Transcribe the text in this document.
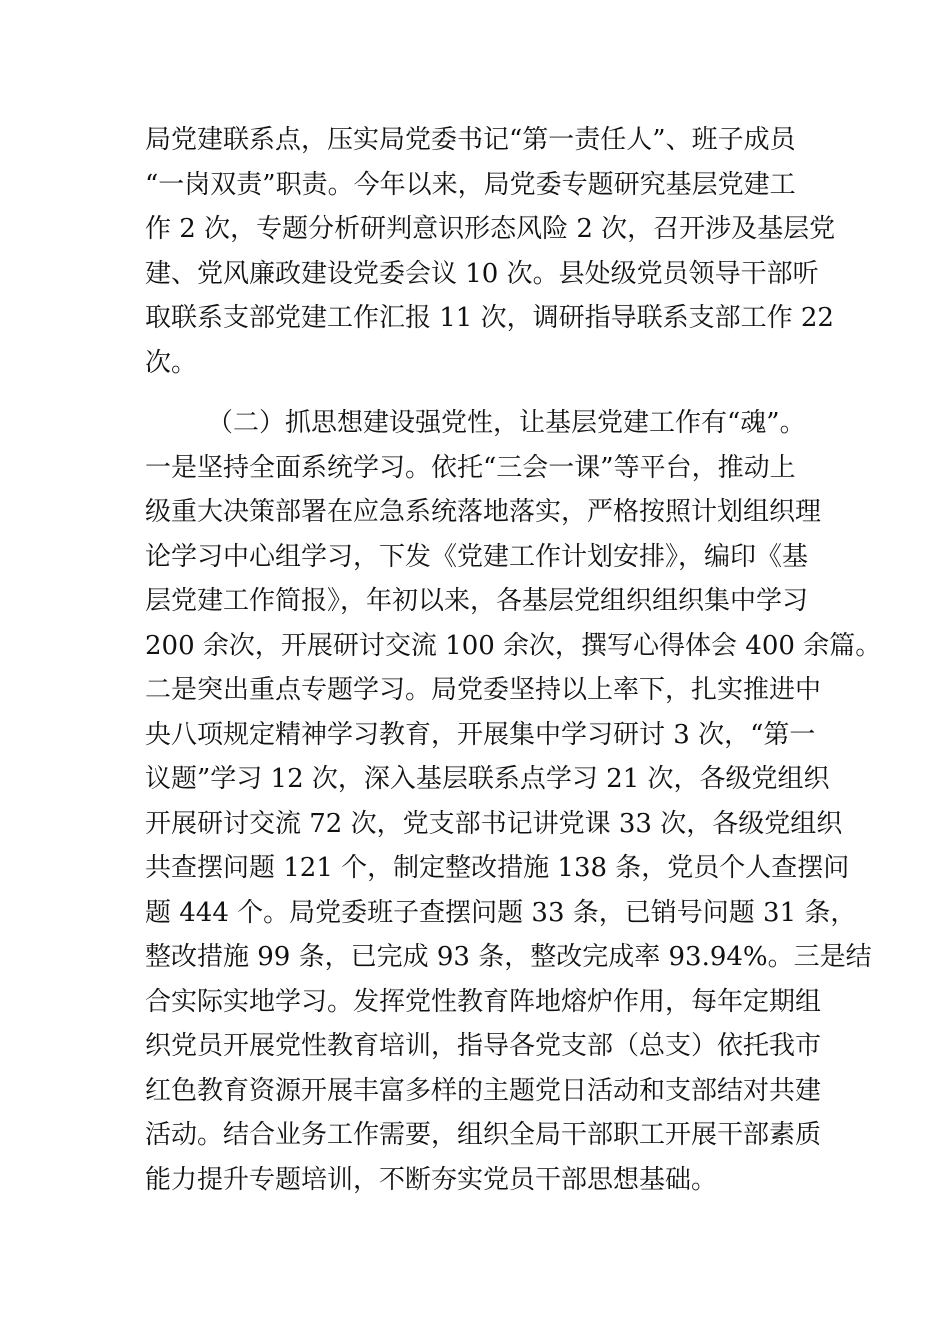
局党建联系点，压实局党委书记“第一责任人”、班子成员
“一岗双责”职责。今年以来，局党委专题研究基层党建工
作 2 次，专题分析研判意识形态风险 2 次，召开涉及基层党
建、党风廉政建设党委会议 10 次。县处级党员领导干部听
取联系支部党建工作汇报 11 次，调研指导联系支部工作 22
次。
（二）抓思想建设强党性，让基层党建工作有“魂”。
一是坚持全面系统学习。依托“三会一课”等平台，推动上
级重大决策部署在应急系统落地落实，严格按照计划组织理
论学习中心组学习，下发《党建工作计划安排》，编印《基
层党建工作简报》，年初以来，各基层党组织组织集中学习
200 余次，开展研讨交流 100 余次，撰写心得体会 400 余篇。
二是突出重点专题学习。局党委坚持以上率下，扎实推进中
央八项规定精神学习教育，开展集中学习研讨 3 次，“第一
议题”学习 12 次，深入基层联系点学习 21 次，各级党组织
开展研讨交流 72 次，党支部书记讲党课 33 次，各级党组织
共查摆问题 121 个，制定整改措施 138 条，党员个人查摆问
题 444 个。局党委班子查摆问题 33 条，已销号问题 31 条，
整改措施 99 条，已完成 93 条，整改完成率 93.94%。三是结
合实际实地学习。发挥党性教育阵地熔炉作用，每年定期组
织党员开展党性教育培训，指导各党支部（总支）依托我市
红色教育资源开展丰富多样的主题党日活动和支部结对共建
活动。结合业务工作需要，组织全局干部职工开展干部素质
能力提升专题培训，不断夯实党员干部思想基础。
